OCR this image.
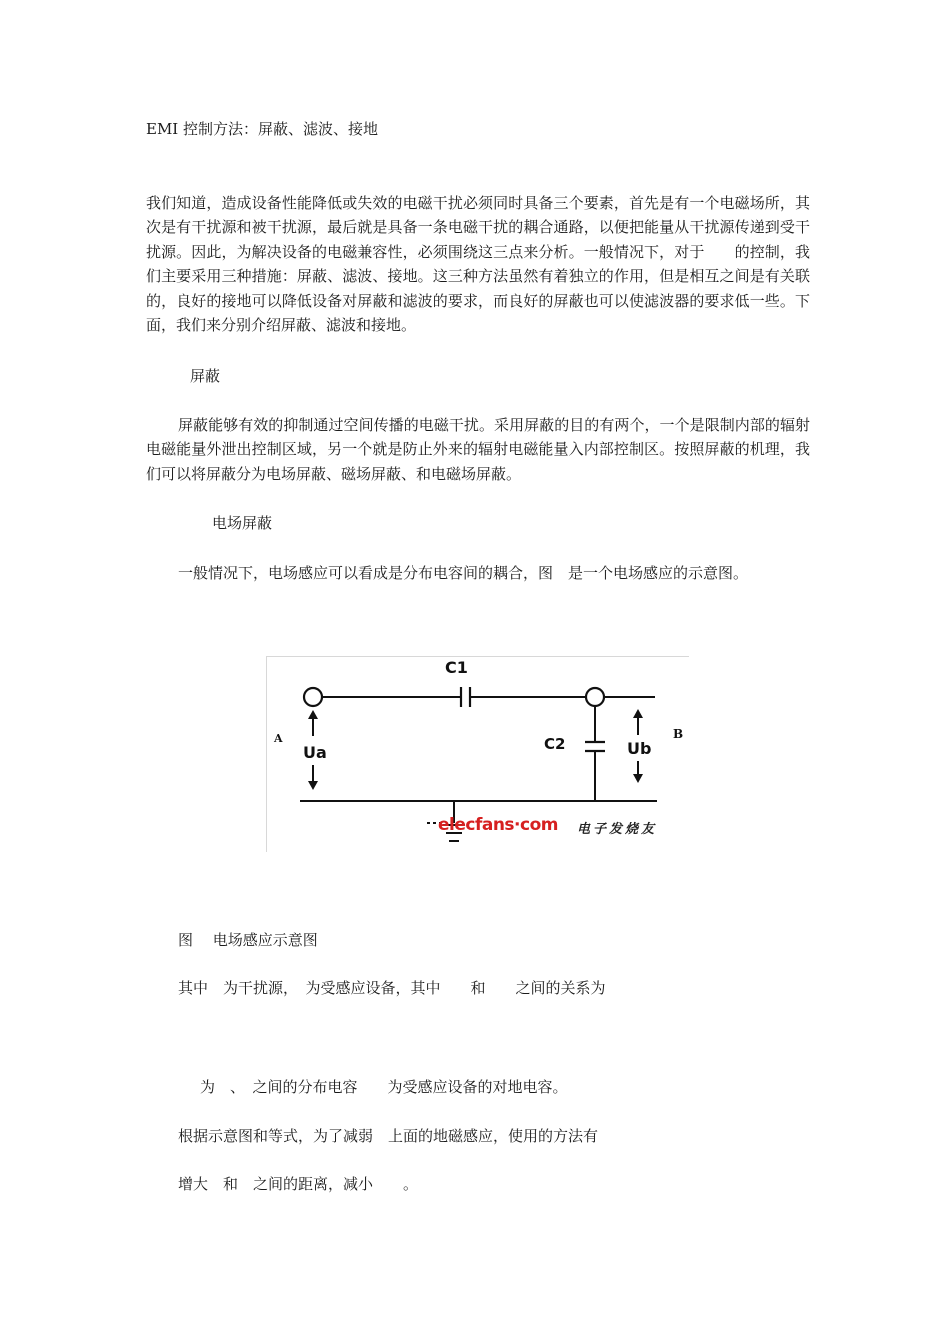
EMI 控制方法：屏蔽、滤波、接地
我们知道，造成设备性能降低或失效的电磁干扰必须同时具备三个要素，首先是有一个电磁场所，其次是有干扰源和被干扰源，最后就是具备一条电磁干扰的耦合通路，以便把能量从干扰源传递到受干扰源。因此，为解决设备的电磁兼容性，必须围绕这三点来分析。一般情况下，对于　　的控制，我们主要采用三种措施：屏蔽、滤波、接地。这三种方法虽然有着独立的作用，但是相互之间是有关联的，良好的接地可以降低设备对屏蔽和滤波的要求，而良好的屏蔽也可以使滤波器的要求低一些。下面，我们来分别介绍屏蔽、滤波和接地。
屏蔽
屏蔽能够有效的抑制通过空间传播的电磁干扰。采用屏蔽的目的有两个，一个是限制内部的辐射电磁能量外泄出控制区域，另一个就是防止外来的辐射电磁能量入内部控制区。按照屏蔽的机理，我们可以将屏蔽分为电场屏蔽、磁场屏蔽、和电磁场屏蔽。
电场屏蔽
一般情况下，电场感应可以看成是分布电容间的耦合，图　是一个电场感应的示意图。
C1
C2
Ua	Ub
A	B
elecfans·com 电子发烧友
图　 电场感应示意图
其中　为干扰源，　为受感应设备，其中　　和　　之间的关系为
为　、　之间的分布电容　　为受感应设备的对地电容。
根据示意图和等式，为了减弱　上面的地磁感应，使用的方法有
增大　和　之间的距离，减小　　。
